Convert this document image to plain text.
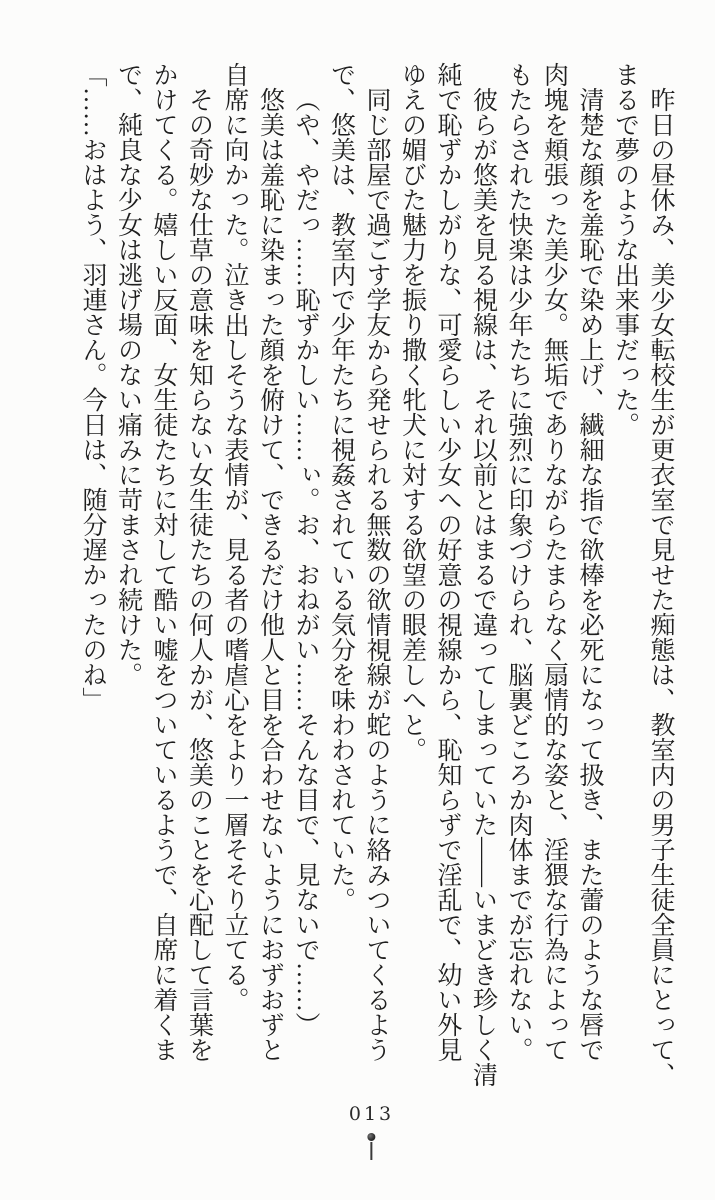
昨日の昼休み、美少女転校生が更衣室で見せた痴態は、教室内の男子生徒全員にとって、

まるで夢のような出来事だった。

清楚な顔を羞恥で染め上げ、繊細な指で欲棒を必死になって扱き、また蕾のような唇で

肉塊を頬張った美少女。無垢でありながらたまらなく扇情的な姿と、淫猥な行為によって

もたらされた快楽は少年たちに強烈に印象づけられ、脳裏どころか肉体までが忘れない。

彼らが悠美を見る視線は、それ以前とはまるで違ってしまっていた——いまどき珍しく清

純で恥ずかしがりな、可愛らしい少女への好意の視線から、恥知らずで淫乱で、幼い外見

ゆえの媚びた魅力を振り撒く牝犬に対する欲望の眼差しへと。

同じ部屋で過ごす学友から発せられる無数の欲情視線が蛇のように絡みついてくるよう

で、悠美は、教室内で少年たちに視姦されている気分を味わわされていた。

（や、やだっ……恥ずかしい……ぃ。お、おねがい……そんな目で、見ないで……）

悠美は羞恥に染まった顔を俯けて、できるだけ他人と目を合わせないようにおずおずと

自席に向かった。泣き出しそうな表情が、見る者の嗜虐心をより一層そそり立てる。

その奇妙な仕草の意味を知らない女生徒たちの何人かが、悠美のことを心配して言葉を

かけてくる。嬉しい反面、女生徒たちに対して酷い嘘をついているようで、自席に着くま

で、純良な少女は逃げ場のない痛みに苛まされ続けた。

「……おはよう、羽連さん。今日は、随分遅かったのね」

013
